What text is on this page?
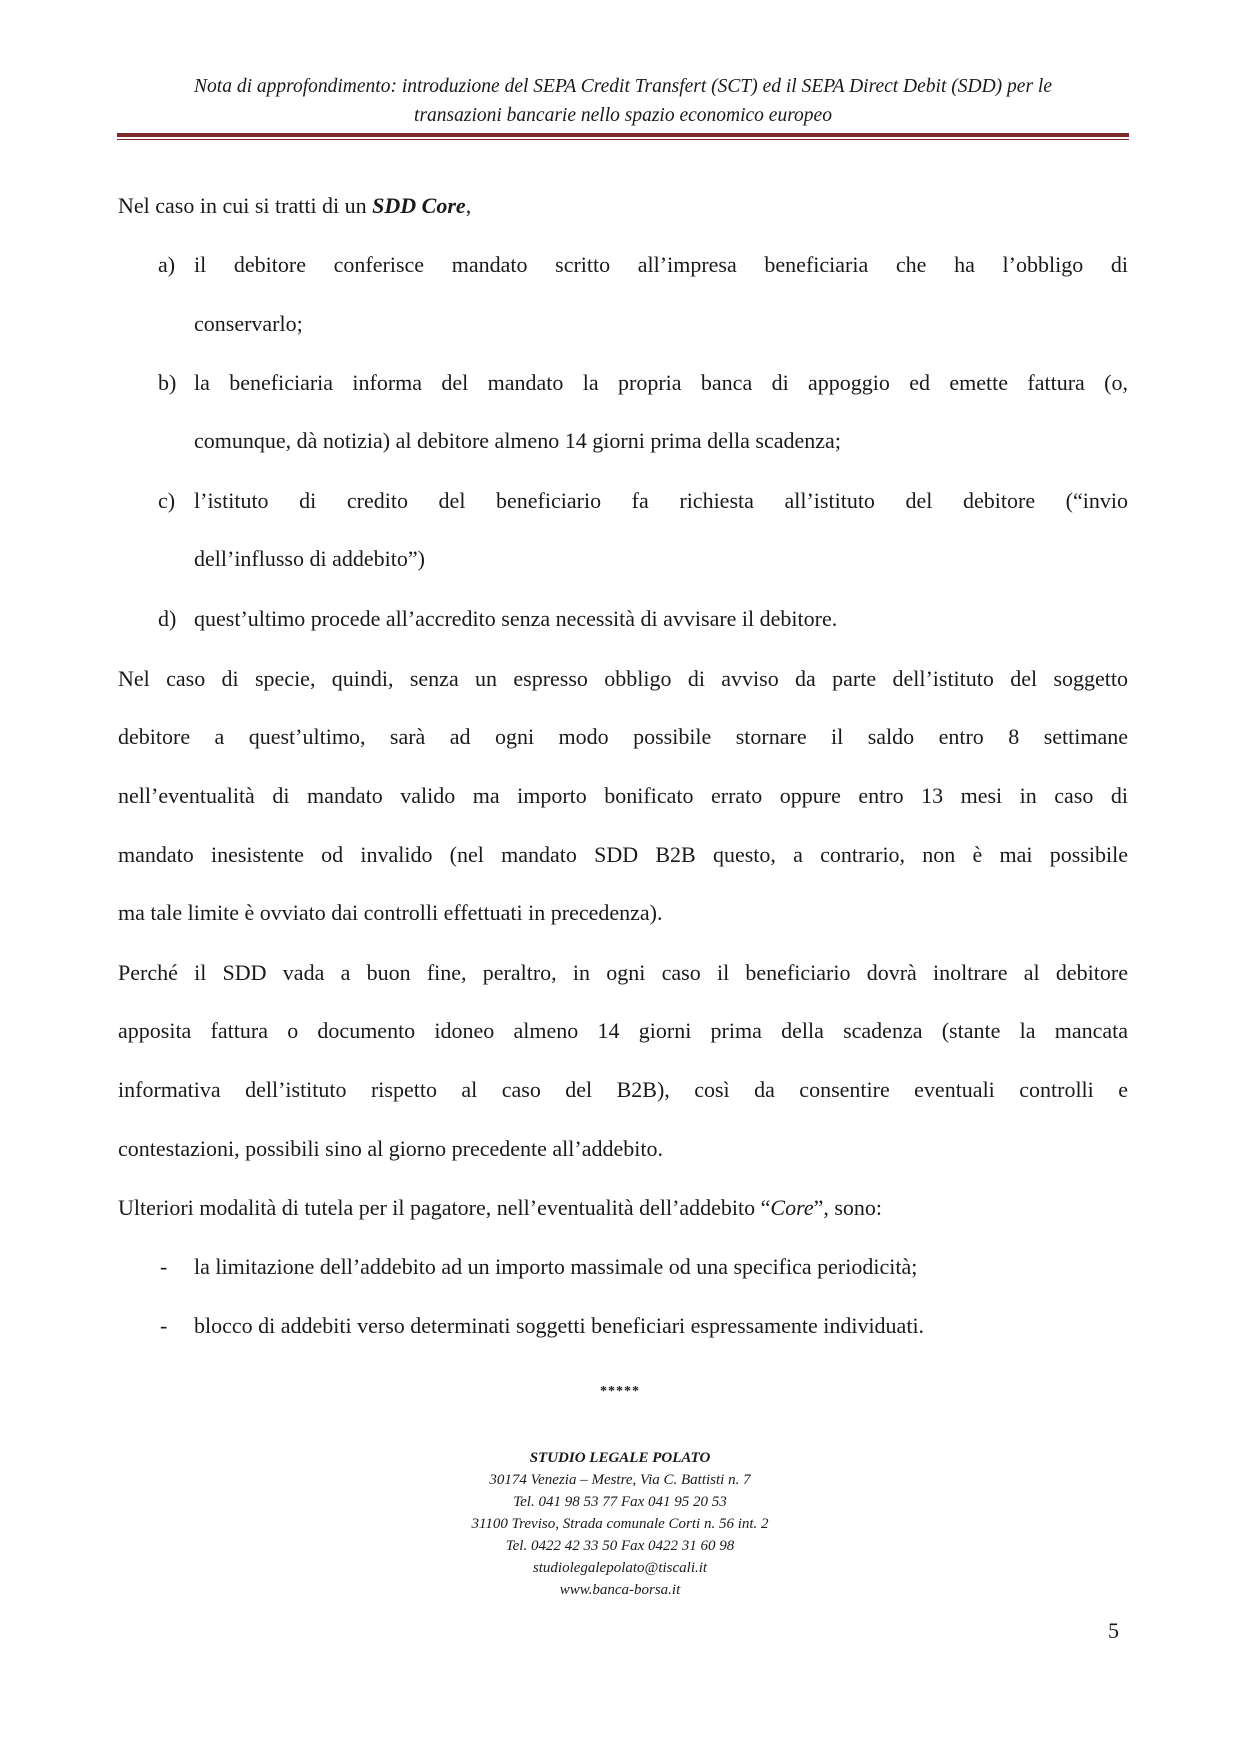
Nota di approfondimento: introduzione del SEPA Credit Transfert (SCT) ed il SEPA Direct Debit (SDD) per le
transazioni bancarie nello spazio economico europeo
Nel caso in cui si tratti di un SDD Core,
a) il debitore conferisce mandato scritto all’impresa beneficiaria che ha l’obbligo di
conservarlo;
b) la beneficiaria informa del mandato la propria banca di appoggio ed emette fattura (o,
comunque, dà notizia) al debitore almeno 14 giorni prima della scadenza;
c) l’istituto di credito del beneficiario fa richiesta all’istituto del debitore (“invio
dell’influsso di addebito”)
d) quest’ultimo procede all’accredito senza necessità di avvisare il debitore.
Nel caso di specie, quindi, senza un espresso obbligo di avviso da parte dell’istituto del soggetto
debitore a quest’ultimo, sarà ad ogni modo possibile stornare il saldo entro 8 settimane
nell’eventualità di mandato valido ma importo bonificato errato oppure entro 13 mesi in caso di
mandato inesistente od invalido (nel mandato SDD B2B questo, a contrario, non è mai possibile
ma tale limite è ovviato dai controlli effettuati in precedenza).
Perché il SDD vada a buon fine, peraltro, in ogni caso il beneficiario dovrà inoltrare al debitore
apposita fattura o documento idoneo almeno 14 giorni prima della scadenza (stante la mancata
informativa dell’istituto rispetto al caso del B2B), così da consentire eventuali controlli e
contestazioni, possibili sino al giorno precedente all’addebito.
Ulteriori modalità di tutela per il pagatore, nell’eventualità dell’addebito “Core”, sono:
- la limitazione dell’addebito ad un importo massimale od una specifica periodicità;
- blocco di addebiti verso determinati soggetti beneficiari espressamente individuati.
*****
STUDIO LEGALE POLATO
30174 Venezia – Mestre, Via C. Battisti n. 7
Tel. 041 98 53 77 Fax 041 95 20 53
31100 Treviso, Strada comunale Corti n. 56 int. 2
Tel. 0422 42 33 50 Fax 0422 31 60 98
studiolegalepolato@tiscali.it
www.banca-borsa.it
5
